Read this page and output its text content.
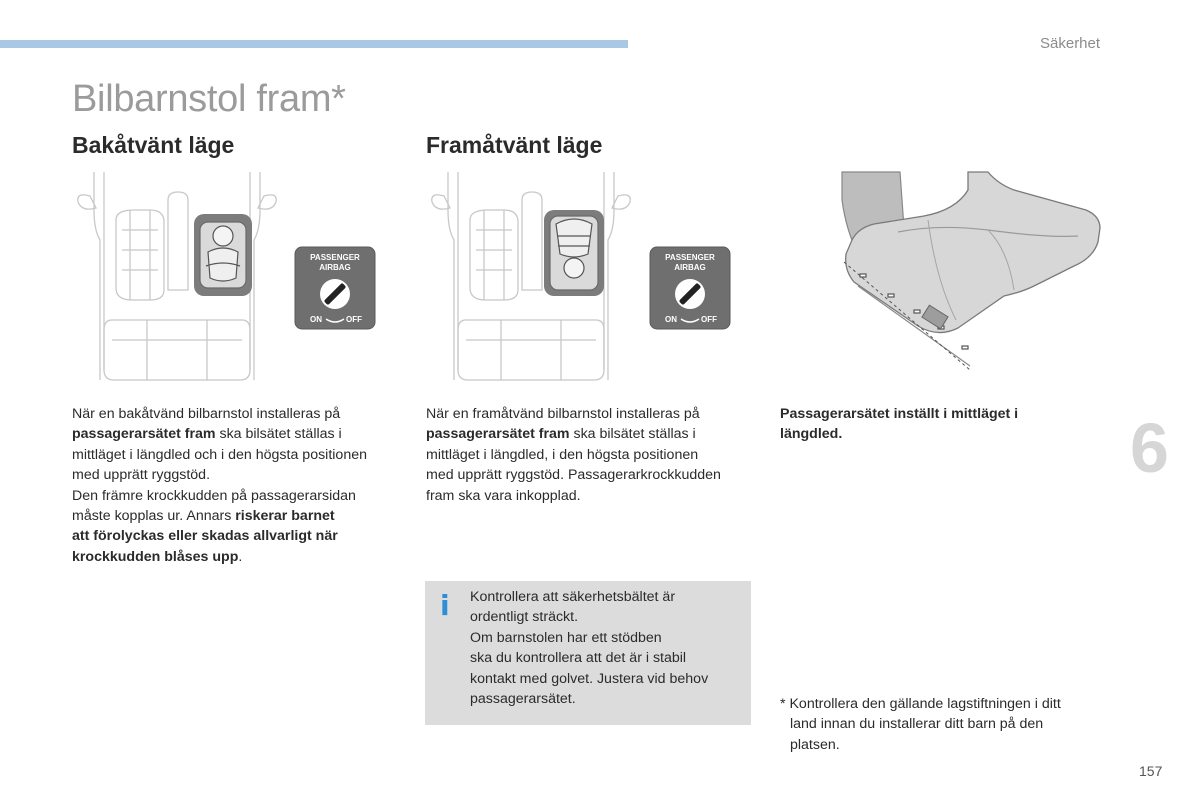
Säkerhet
Bilbarnstol fram*
Bakåtvänt läge	Framåtvänt läge
PASSENGER
AIRBAG
ON	OFF
PASSENGER
AIRBAG
ON	OFF

När en bakåtvänd bilbarnstol installeras på
passagerarsätet fram ska bilsätet ställas i
mittläget i längdled och i den högsta positionen
med upprätt ryggstöd.
Den främre krockkudden på passagerarsidan
måste kopplas ur. Annars riskerar barnet
att förolyckas eller skadas allvarligt när
krockkudden blåses upp.

När en framåtvänd bilbarnstol installeras på
passagerarsätet fram ska bilsätet ställas i
mittläget i längdled, i den högsta positionen
med upprätt ryggstöd. Passagerarkrockkudden
fram ska vara inkopplad.

Passagerarsätet inställt i mittläget i
längdled.

i Kontrollera att säkerhetsbältet är
ordentligt sträckt.
Om barnstolen har ett stödben
ska du kontrollera att det är i stabil
kontakt med golvet. Justera vid behov
passagerarsätet.

6

* Kontrollera den gällande lagstiftningen i ditt
land innan du installerar ditt barn på den
platsen.

157
